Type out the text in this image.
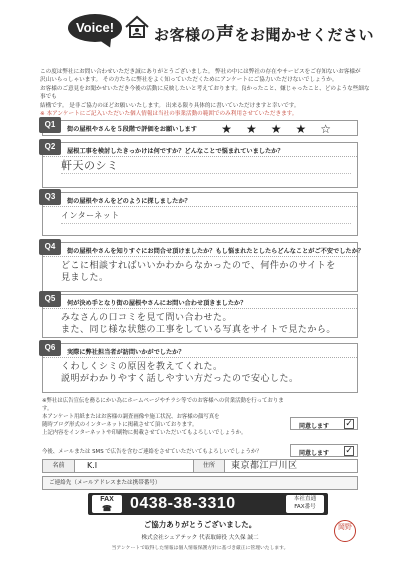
Voice!	お客様の声をお聞かせください

この度は弊社にお問い合わせいただき誠にありがとうございました。 弊社の中には弊社の存在やサービスをご存知ないお客様が

沢山いらっしゃいます。 その方たちに弊社をよく知っていただくためにアンケートにご協力いただけないでしょうか。

お客様のご意見をお聞かせいただき今後の活動に反映したいと考えております。良かったこと、嫌じゃったこと、どのような些細な事でも

結構です。 是非ご協力のほどお願いいたします。 出来る限り具体的に書いていただけますと幸いです。

※ 本アンケートにご記入いただいた個人情報は当社の事業活動の範囲でのみ利用させていただきます。

Q1
街の屋根やさんを５段階で評価をお願いします ★★★★☆
Q2
屋根工事を検討したきっかけは何ですか？どんなことで悩まれていましたか？
軒天のシミ
Q3
街の屋根やさんをどのように探しましたか？
インターネット
Q4
街の屋根やさんを知りすぐにお問合せ頂けましたか？もし悩まれたとしたらどんなことがご不安でしたか？
どこに相談すればいいかわからなかったので、何件かのサイトを
見ました。
Q5
何が決め手となり街の屋根やさんにお問い合わせ頂きましたか？
みなさんの口コミを見て問い合わせた。
また、同じ様な状態の工事をしている写真をサイトで見たから。
Q6
実際に弊社担当者が訪問いかがでしたか？
くわしくシミの原因を教えてくれた。
説明がわかりやすく話しやすい方だったので安心した。
※弊社は広告宣伝を務るにかい為にホームページやチラシ等でのお客様への営業活動を行っております。
本アンケート用紙またはお客様の調査画像や施工状況、お客様の顔写真を
随時ブログ形式のインターネットに掲載させて頂いております。
上記内容をインターネットや印刷物に掲載させていただいてもよろしいでしょうか。
同意します ✓
今後、メールまたは SMS で広告を含むご連絡をさせていただいてもよろしいでしょうか？	同意します ✓
名前	K.I	住所	東京都江戸川区
ご連絡先（メールアドレスまたは携帯番号）
FAX
☎	0438-38-3310	本社直通
FAX番号
ご協力ありがとうございました。
株式会社シェアテック 代表取締役 大久保 誠二
当アンケートで取得した情報は個人情報保護方針に基づき厳正に管理いたします。
岡野
